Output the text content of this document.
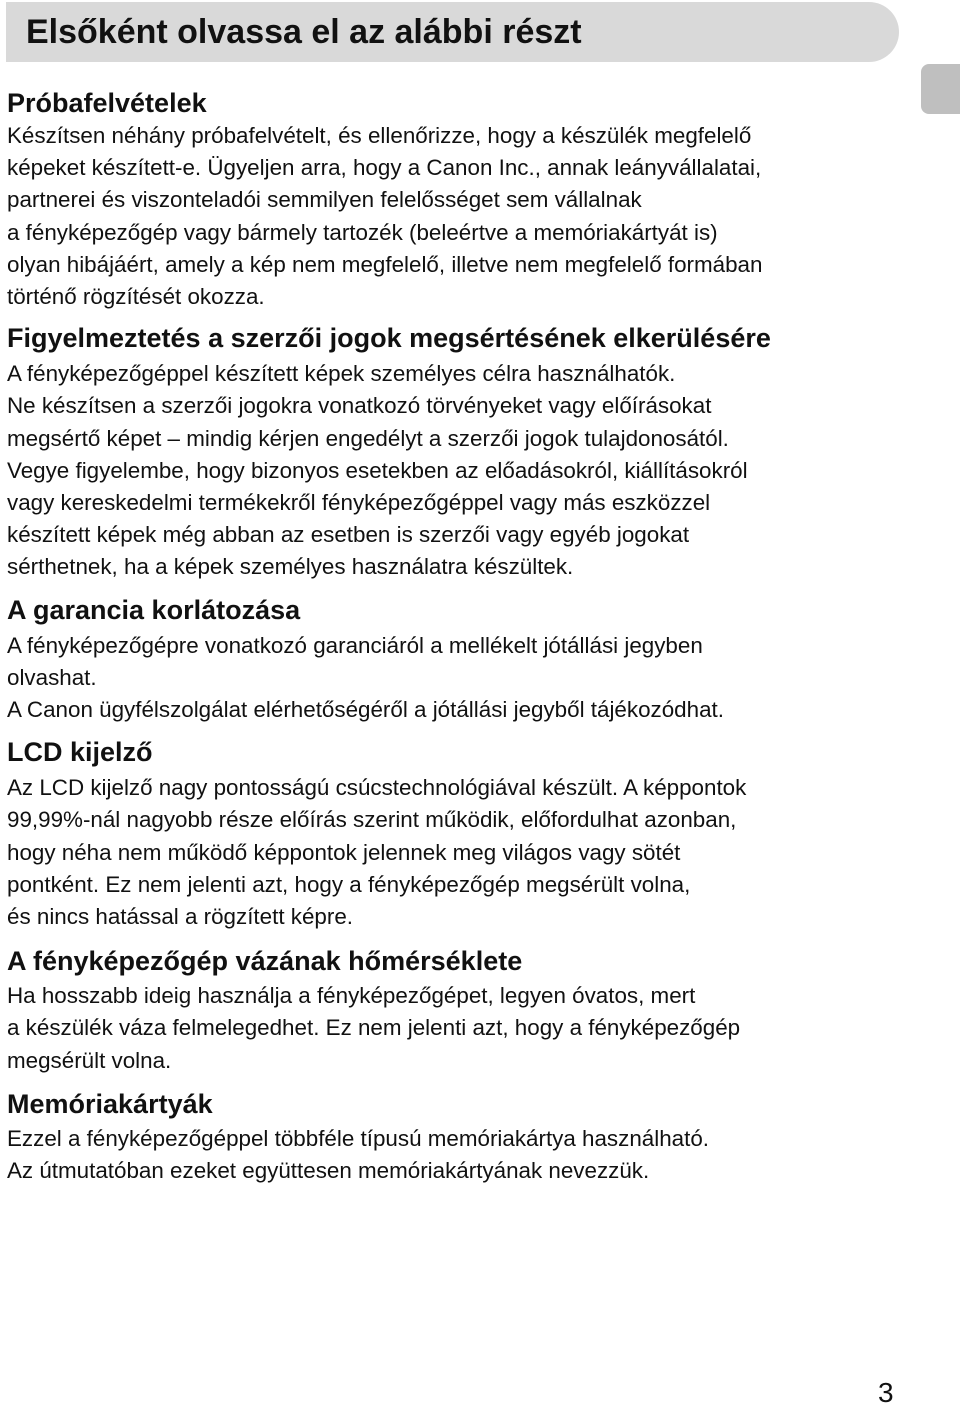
Elsőként olvassa el az alábbi részt
Próbafelvételek

Készítsen néhány próbafelvételt, és ellenőrizze, hogy a készülék megfelelő
képeket készített-e. Ügyeljen arra, hogy a Canon Inc., annak leányvállalatai,
partnerei és viszonteladói semmilyen felelősséget sem vállalnak
a fényképezőgép vagy bármely tartozék (beleértve a memóriakártyát is)
olyan hibájáért, amely a kép nem megfelelő, illetve nem megfelelő formában
történő rögzítését okozza.

Figyelmeztetés a szerzői jogok megsértésének elkerülésére

A fényképezőgéppel készített képek személyes célra használhatók.
Ne készítsen a szerzői jogokra vonatkozó törvényeket vagy előírásokat
megsértő képet – mindig kérjen engedélyt a szerzői jogok tulajdonosától.
Vegye figyelembe, hogy bizonyos esetekben az előadásokról, kiállításokról
vagy kereskedelmi termékekről fényképezőgéppel vagy más eszközzel
készített képek még abban az esetben is szerzői vagy egyéb jogokat
sérthetnek, ha a képek személyes használatra készültek.

A garancia korlátozása

A fényképezőgépre vonatkozó garanciáról a mellékelt jótállási jegyben
olvashat.
A Canon ügyfélszolgálat elérhetőségéről a jótállási jegyből tájékozódhat.

LCD kijelző

Az LCD kijelző nagy pontosságú csúcstechnológiával készült. A képpontok
99,99%-nál nagyobb része előírás szerint működik, előfordulhat azonban,
hogy néha nem működő képpontok jelennek meg világos vagy sötét
pontként. Ez nem jelenti azt, hogy a fényképezőgép megsérült volna,
és nincs hatással a rögzített képre.

A fényképezőgép vázának hőmérséklete

Ha hosszabb ideig használja a fényképezőgépet, legyen óvatos, mert
a készülék váza felmelegedhet. Ez nem jelenti azt, hogy a fényképezőgép
megsérült volna.

Memóriakártyák

Ezzel a fényképezőgéppel többféle típusú memóriakártya használható.
Az útmutatóban ezeket együttesen memóriakártyának nevezzük.

3
